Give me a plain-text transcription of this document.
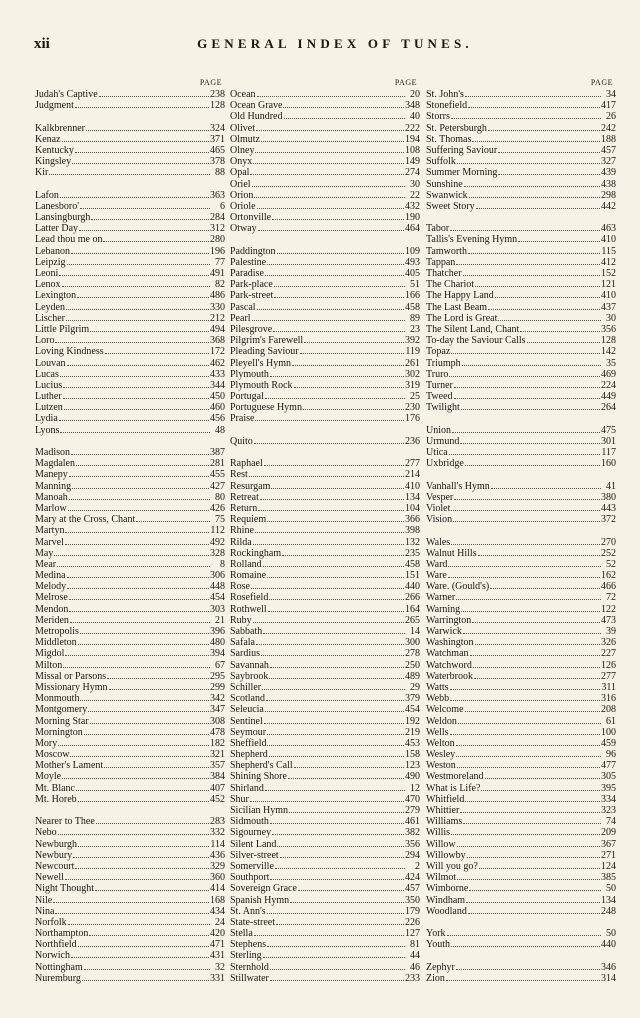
xii	GENERAL INDEX OF TUNES.
PAGE
Judah's Captive	238
Judgment	128
Kalkbrenner	324
Kenaz	371
Kentucky	465
Kingsley	378
Kir	88
Lafon	363
Lanesboro'	6
Lansingburgh	284
Latter Day	312
Lead thou me on	280
Lebanon	196
Leipzig	77
Leoni	491
Lenox	82
Lexington	486
Leyden	330
Lischer	212
Little Pilgrim	494
Loro	368
Loving Kindness	172
Louvan	462
Lucas	433
Lucius	344
Luther	450
Lutzen	460
Lydia	456
Lyons	48
Madison	387
Magdalen	281
Manepy	455
Manning	427
Manoah	80
Marlow	426
Mary at the Cross, Chant	75
Martyn	112
Marvel	492
May	328
Mear	8
Medina	306
Melody	448
Melrose	454
Mendon	303
Meriden	21
Metropolis	396
Middleton	480
Migdol	394
Milton	67
Missal or Parsons	295
Missionary Hymn	299
Monmouth	342
Montgomery	347
Morning Star	308
Mornington	478
Mory	182
Moscow	321
Mother's Lament	357
Moyle	384
Mt. Blanc	407
Mt. Horeb	452
Nearer to Thee	283
Nebo	332
Newburgh	114
Newbury	436
Newcourt	329
Newell	360
Night Thought	414
Nile	168
Nina	434
Norfolk	24
Northampton	420
Northfield	471
Norwich	431
Nottingham	32
Nuremburg	331
PAGE
Ocean	20
Ocean Grave	348
Old Hundred	40
Olivet	222
Olmutz	194
Olney	108
Onyx	149
Opal	274
Oriel	30
Orion	22
Oriole	432
Ortonville	190
Otway	464
Paddington	109
Palestine	493
Paradise	405
Park-place	51
Park-street	166
Pascal	458
Pearl	89
Pilesgrove	23
Pilgrim's Farewell	392
Pleading Saviour	119
Pleyell's Hymn	261
Plymouth	302
Plymouth Rock	319
Portugal	25
Portuguese Hymn	230
Praise	176
Quito	236
Raphael	277
Rest	214
Resurgam	410
Retreat	134
Return	104
Requiem	366
Rhine	398
Rilda	132
Rockingham	235
Rolland	458
Romaine	151
Rose	440
Rosefield	266
Rothwell	164
Ruby	265
Sabbath	14
Safala	300
Sardius	278
Savannah	250
Saybrook	489
Schiller	29
Scotland	379
Seleucia	454
Sentinel	192
Seymour	219
Sheffield	453
Shepherd	158
Shepherd's Call	123
Shining Shore	490
Shirland	12
Shur	470
Sicilian Hymn	279
Sidmouth	461
Sigourney	382
Silent Land	356
Silver-street	294
Somerville	2
Southport	424
Sovereign Grace	457
Spanish Hymn	350
St. Ann's	179
State-street	226
Stella	127
Stephens	81
Sterling	44
Sternhold	46
Stillwater	233
PAGE
St. John's	34
Stonefield	417
Storrs	26
St. Petersburgh	242
St. Thomas	188
Suffering Saviour	457
Suffolk	327
Summer Morning	439
Sunshine	438
Swanwick	298
Sweet Story	442
Tabor	463
Tallis's Evening Hymn	410
Tamworth	115
Tappan	412
Thatcher	152
The Chariot	121
The Happy Land	410
The Last Beam	437
The Lord is Great	30
The Silent Land, Chant	356
To-day the Saviour Calls	128
Topaz	142
Triumph	35
Truro	469
Turner	224
Tweed	449
Twilight	264
Union	475
Urmund	301
Utica	117
Uxbridge	160
Vanhall's Hymn	41
Vesper	380
Violet	443
Vision	372
Wales	270
Walnut Hills	252
Ward	52
Ware	162
Ware. (Gould's)	466
Warner	72
Warning	122
Warrington	473
Warwick	39
Washington	326
Watchman	227
Watchword	126
Waterbrook	277
Watts	311
Webb	316
Welcome	208
Weldon	61
Wells	100
Welton	459
Wesley	96
Weston	477
Westmoreland	305
What is Life?	395
Whitfield	334
Whittier	323
Williams	74
Willis	209
Willow	367
Willowby	271
Will you go?	124
Wilmot	385
Wimborne	50
Windham	134
Woodland	248
York	50
Youth	440
Zephyr	346
Zion	314
